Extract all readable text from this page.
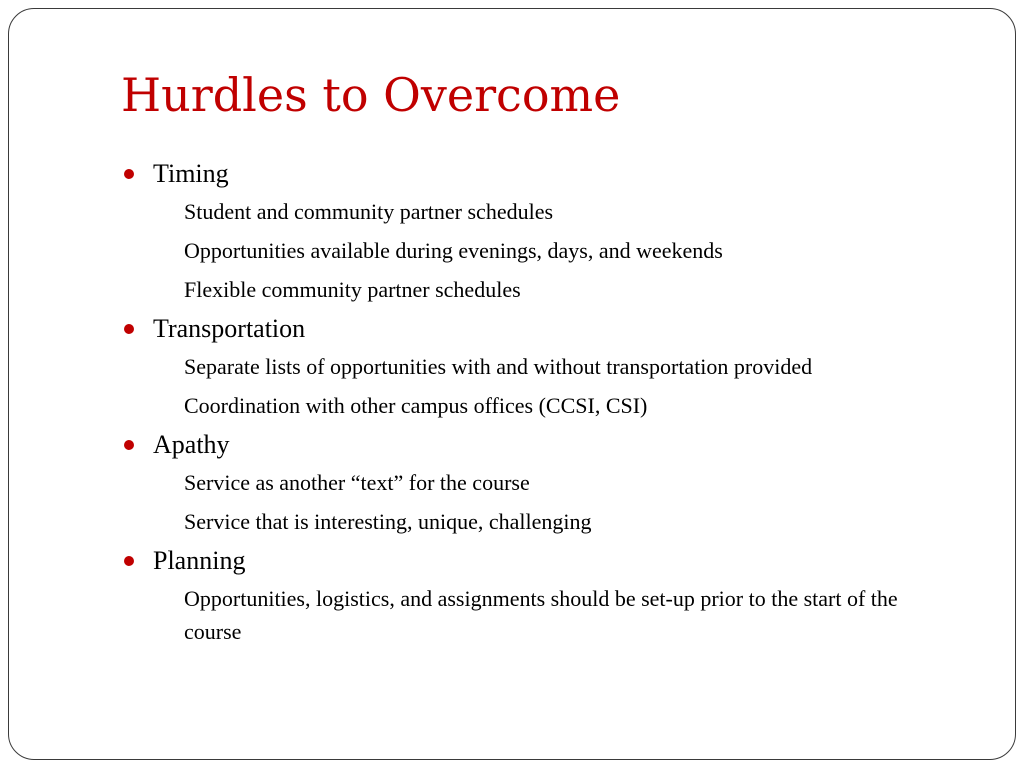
Hurdles to Overcome
Timing
Student and community partner schedules
Opportunities available during evenings, days, and weekends
Flexible community partner schedules
Transportation
Separate lists of opportunities with and without transportation provided
Coordination with other campus offices (CCSI, CSI)
Apathy
Service as another “text” for the course
Service that is interesting, unique, challenging
Planning
Opportunities, logistics, and assignments should be set-up prior to the start of the course
